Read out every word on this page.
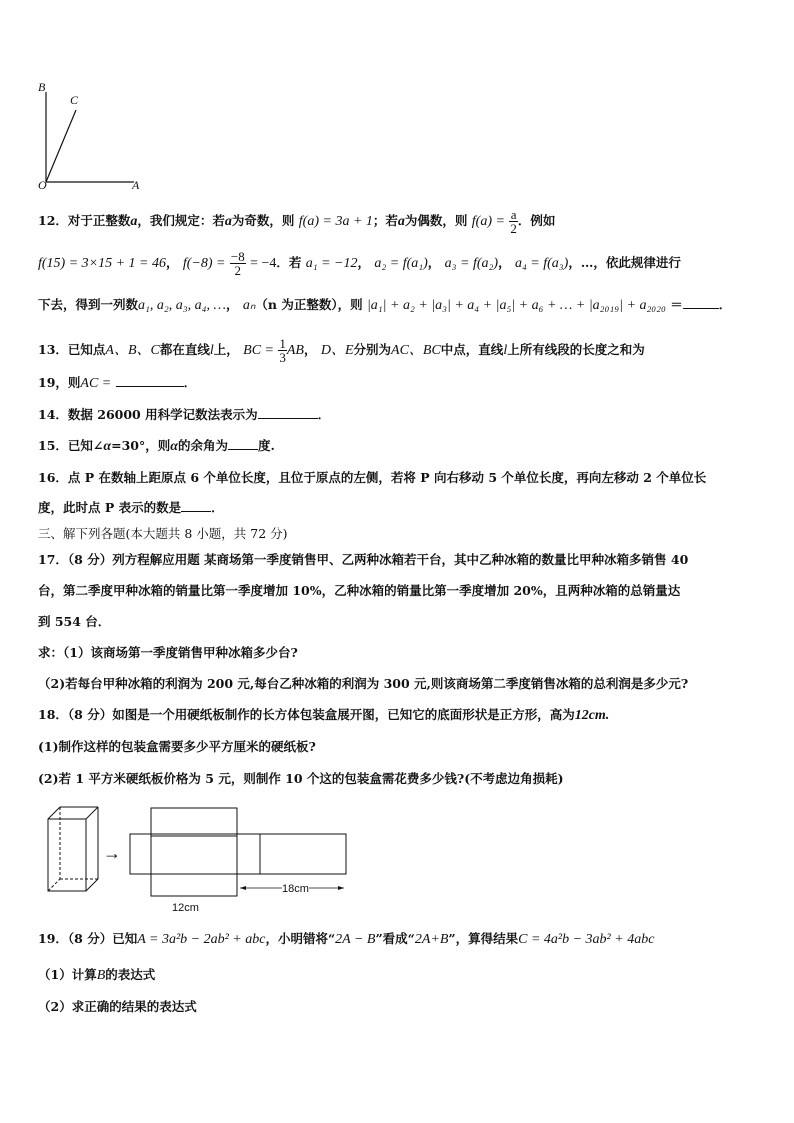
B
C
O	A
12．对于正整数a，我们规定：若a为奇数，则 f(a) = 3a + 1；若a为偶数，则 $f(a) = \frac{a}{2}$ ．例如
f(15) = 3×15 + 1 = 46， $f(-8) = \frac{-8}{2} = -4$．若 a₁ = −12， a₂ = f(a₁)， a₃ = f(a₂)， a₄ = f(a₃)，…，依此规律进行
下去，得到一列数a₁, a₂, a₃, a₄, …， aₙ（n 为正整数），则 |a₁| + a₂ + |a₃| + a₄ + |a₅| + a₆ + … + |a₂₀₁₉| + a₂₀₂₀ ＝	．
13．已知点A、B、C都在直线l上， BC = $\frac{1}{3}$ AB， D、E分别为AC、BC中点，直线l上所有线段的长度之和为
19，则AC =	．
14．数据 26000 用科学记数法表示为	．
15．已知∠α=30°，则α的余角为 度.
16．点 P 在数轴上距原点 6 个单位长度，且位于原点的左侧，若将 P 向右移动 5 个单位长度，再向左移动 2 个单位长
度，此时点 P 表示的数是 ．
三、解下列各题(本大题共 8 小题，共 72 分)
17．（8 分）列方程解应用题 某商场第一季度销售甲、乙两种冰箱若干台，其中乙种冰箱的数量比甲种冰箱多销售 40
台，第二季度甲种冰箱的销量比第一季度增加 10%，乙种冰箱的销量比第一季度增加 20%，且两种冰箱的总销量达
到 554 台．
求：（1）该商场第一季度销售甲种冰箱多少台?
（2)若每台甲种冰箱的利润为 200 元,每台乙种冰箱的利润为 300 元,则该商场第二季度销售冰箱的总利润是多少元?
18．（8 分）如图是一个用硬纸板制作的长方体包装盒展开图，已知它的底面形状是正方形，高为12cm.
(1)制作这样的包装盒需要多少平方厘米的硬纸板?
(2)若 1 平方米硬纸板价格为 5 元，则制作 10 个这的包装盒需花费多少钱?(不考虑边角损耗)
→
18cm
12cm
19．（8 分）已知A = 3a²b − 2ab² + abc，小明错将“2A − B”看成“2A+B”，算得结果C = 4a²b − 3ab² + 4abc
（1）计算B的表达式
（2）求正确的结果的表达式
